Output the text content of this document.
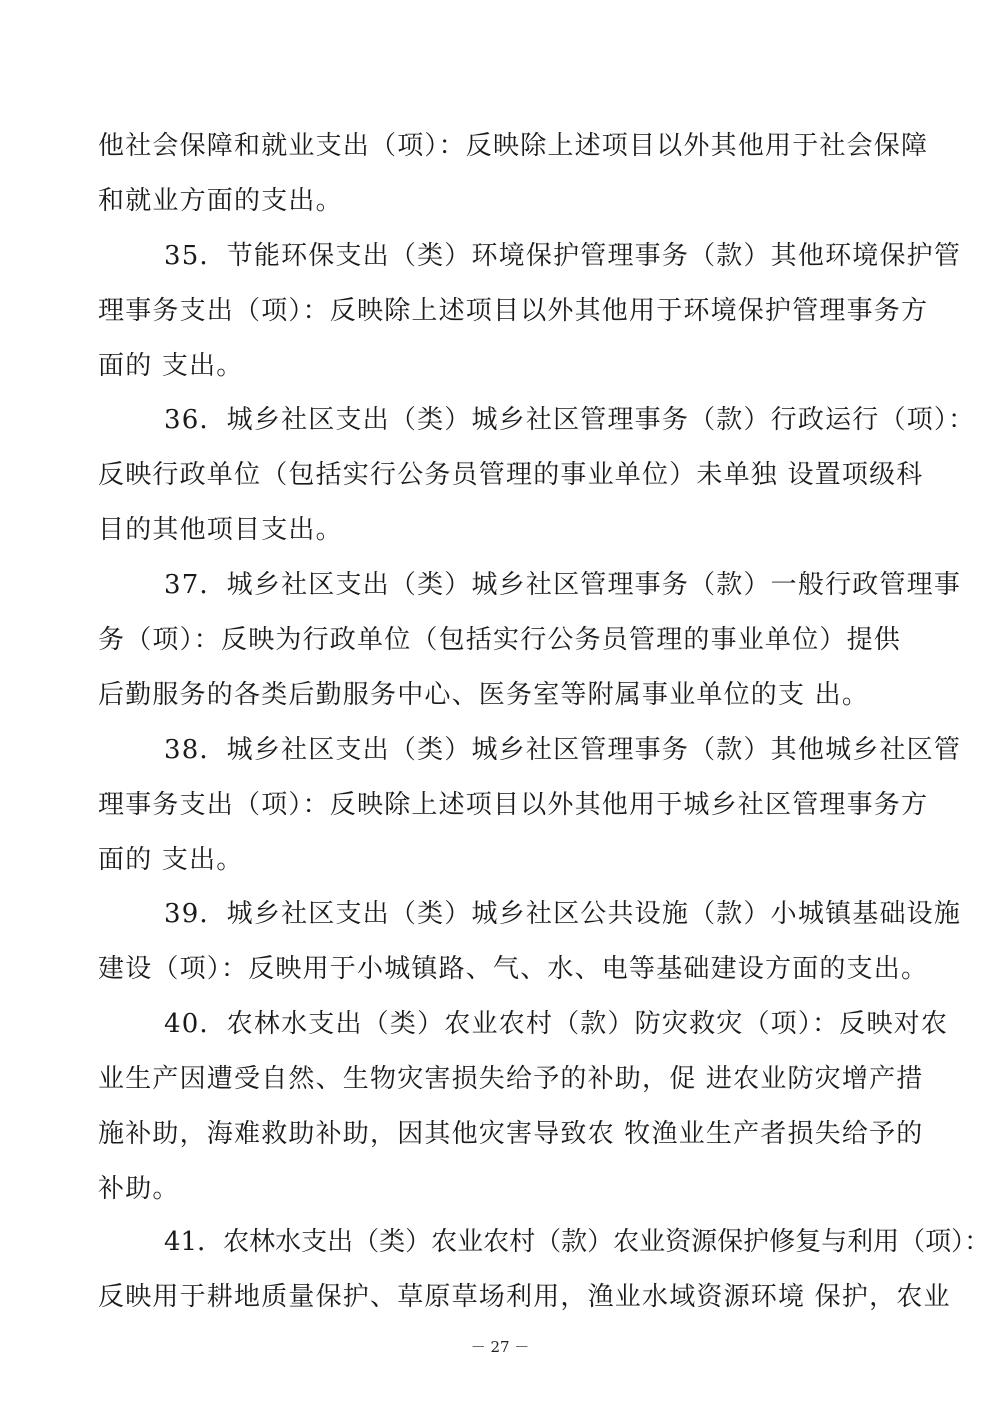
他社会保障和就业支出（项）：反映除上述项目以外其他用于社会保障
和就业方面的支出。
35．节能环保支出（类）环境保护管理事务（款）其他环境保护管
理事务支出（项）：反映除上述项目以外其他用于环境保护管理事务方
面的 支出。
36．城乡社区支出（类）城乡社区管理事务（款）行政运行（项）：
反映行政单位（包括实行公务员管理的事业单位）未单独 设置项级科
目的其他项目支出。
37．城乡社区支出（类）城乡社区管理事务（款）一般行政管理事
务（项）：反映为行政单位（包括实行公务员管理的事业单位）提供
后勤服务的各类后勤服务中心、医务室等附属事业单位的支 出。
38．城乡社区支出（类）城乡社区管理事务（款）其他城乡社区管
理事务支出（项）：反映除上述项目以外其他用于城乡社区管理事务方
面的 支出。
39．城乡社区支出（类）城乡社区公共设施（款）小城镇基础设施
建设（项）：反映用于小城镇路、气、水、电等基础建设方面的支出。
40．农林水支出（类）农业农村（款）防灾救灾（项）：反映对农
业生产因遭受自然、生物灾害损失给予的补助，促 进农业防灾增产措
施补助，海难救助补助，因其他灾害导致农 牧渔业生产者损失给予的
补助。
41．农林水支出（类）农业农村（款）农业资源保护修复与利用（项）：
反映用于耕地质量保护、草原草场利用，渔业水域资源环境 保护，农业
－ 27 －
